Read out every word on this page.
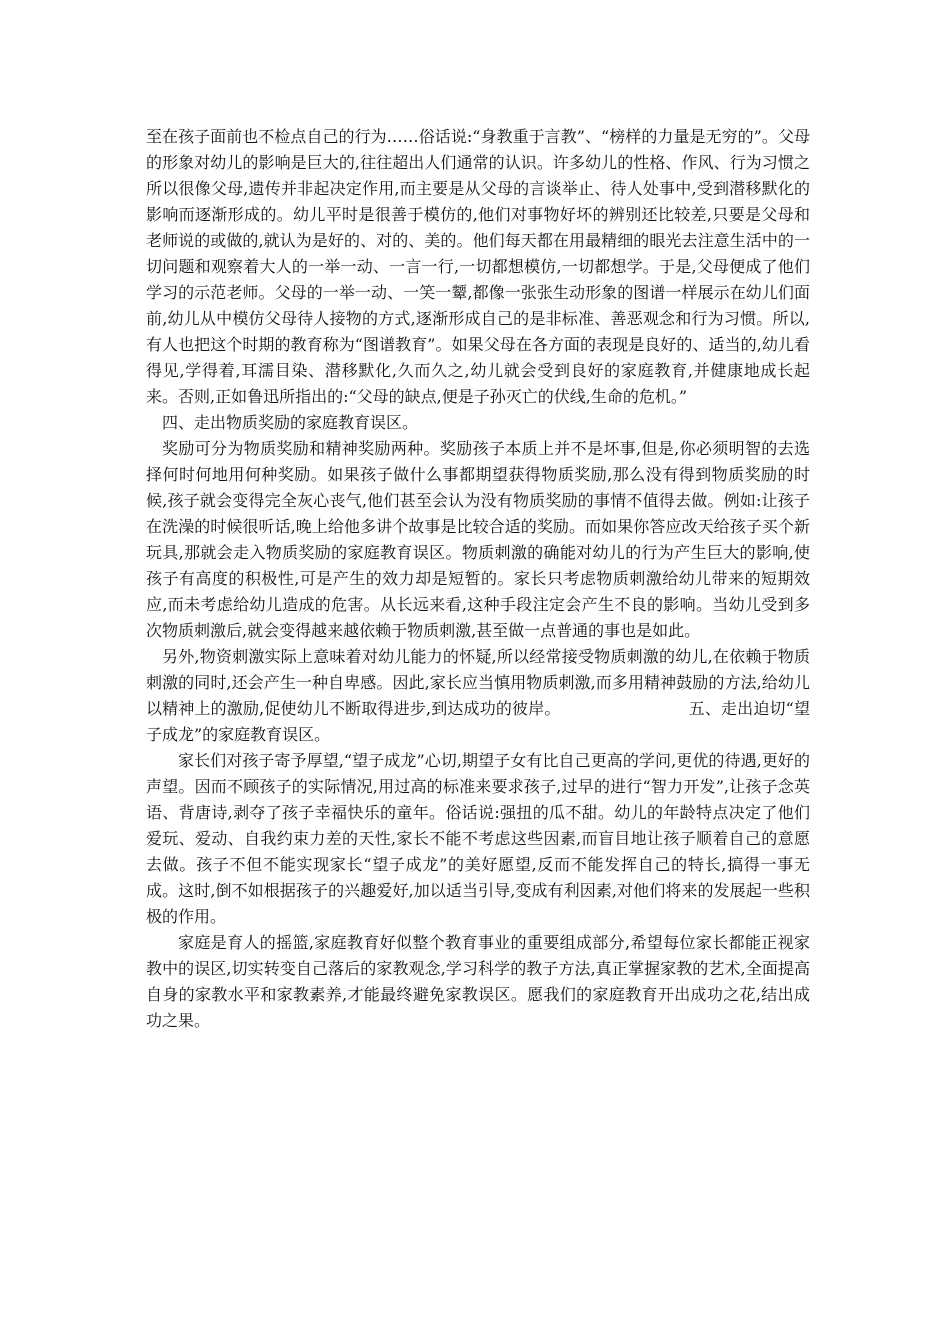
至在孩子面前也不检点自己的行为……俗话说:“身教重于言教”、“榜样的力量是无穷的”。父母的形象对幼儿的影响是巨大的,往往超出人们通常的认识。许多幼儿的性格、作风、行为习惯之所以很像父母,遗传并非起决定作用,而主要是从父母的言谈举止、待人处事中,受到潜移默化的影响而逐渐形成的。幼儿平时是很善于模仿的,他们对事物好坏的辨别还比较差,只要是父母和老师说的或做的,就认为是好的、对的、美的。他们每天都在用最精细的眼光去注意生活中的一切问题和观察着大人的一举一动、一言一行,一切都想模仿,一切都想学。于是,父母便成了他们学习的示范老师。父母的一举一动、一笑一颦,都像一张张生动形象的图谱一样展示在幼儿们面前,幼儿从中模仿父母待人接物的方式,逐渐形成自己的是非标准、善恶观念和行为习惯。所以,有人也把这个时期的教育称为“图谱教育”。如果父母在各方面的表现是良好的、适当的,幼儿看得见,学得着,耳濡目染、潜移默化,久而久之,幼儿就会受到良好的家庭教育,并健康地成长起来。否则,正如鲁迅所指出的:“父母的缺点,便是子孙灭亡的伏线,生命的危机。”

四、走出物质奖励的家庭教育误区。

奖励可分为物质奖励和精神奖励两种。奖励孩子本质上并不是坏事,但是,你必须明智的去选择何时何地用何种奖励。如果孩子做什么事都期望获得物质奖励,那么没有得到物质奖励的时候,孩子就会变得完全灰心丧气,他们甚至会认为没有物质奖励的事情不值得去做。例如:让孩子在洗澡的时候很听话,晚上给他多讲个故事是比较合适的奖励。而如果你答应改天给孩子买个新玩具,那就会走入物质奖励的家庭教育误区。物质刺激的确能对幼儿的行为产生巨大的影响,使孩子有高度的积极性,可是产生的效力却是短暂的。家长只考虑物质刺激给幼儿带来的短期效应,而未考虑给幼儿造成的危害。从长远来看,这种手段注定会产生不良的影响。当幼儿受到多次物质刺激后,就会变得越来越依赖于物质刺激,甚至做一点普通的事也是如此。

另外,物资刺激实际上意味着对幼儿能力的怀疑,所以经常接受物质刺激的幼儿,在依赖于物质刺激的同时,还会产生一种自卑感。因此,家长应当慎用物质刺激,而多用精神鼓励的方法,给幼儿以精神上的激励,促使幼儿不断取得进步,到达成功的彼岸。	五、走出迫切“望子成龙”的家庭教育误区。

家长们对孩子寄予厚望,“望子成龙”心切,期望子女有比自己更高的学问,更优的待遇,更好的声望。因而不顾孩子的实际情况,用过高的标准来要求孩子,过早的进行“智力开发”,让孩子念英语、背唐诗,剥夺了孩子幸福快乐的童年。俗话说:强扭的瓜不甜。幼儿的年龄特点决定了他们爱玩、爱动、自我约束力差的天性,家长不能不考虑这些因素,而盲目地让孩子顺着自己的意愿去做。孩子不但不能实现家长“望子成龙”的美好愿望,反而不能发挥自己的特长,搞得一事无成。这时,倒不如根据孩子的兴趣爱好,加以适当引导,变成有利因素,对他们将来的发展起一些积极的作用。

家庭是育人的摇篮,家庭教育好似整个教育事业的重要组成部分,希望每位家长都能正视家教中的误区,切实转变自己落后的家教观念,学习科学的教子方法,真正掌握家教的艺术,全面提高自身的家教水平和家教素养,才能最终避免家教误区。愿我们的家庭教育开出成功之花,结出成功之果。
